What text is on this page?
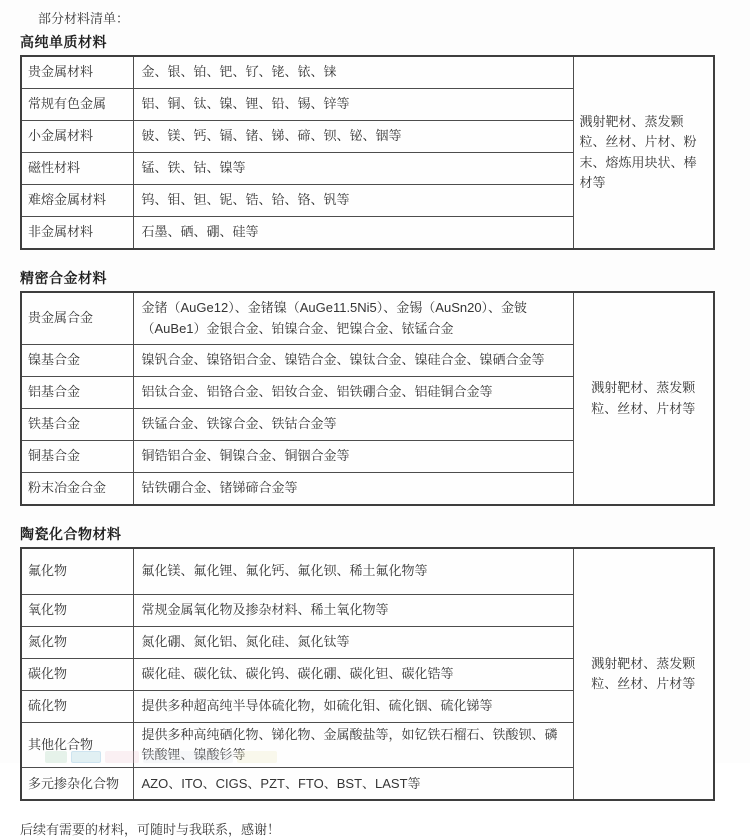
部分材料清单：
高纯单质材料
贵金属材料	金、银、铂、钯、钌、铑、铱、铼	溅射靶材、蒸发颗粒、丝材、片材、粉末、熔炼用块状、棒材等
常规有色金属	铝、铜、钛、镍、锂、铅、锡、锌等	
小金属材料	铍、镁、钙、镉、锗、锑、碲、钡、铋、铟等	
磁性材料	锰、铁、钴、镍等	
难熔金属材料	钨、钼、钽、铌、锆、铪、铬、钒等	
非金属材料	石墨、硒、硼、硅等	
精密合金材料
贵金属合金	金锗（AuGe12）、金锗镍（AuGe11.5Ni5）、金锡（AuSn20）、金铍（AuBe1）金银合金、铂镍合金、钯镍合金、铱锰合金	溅射靶材、蒸发颗粒、丝材、片材等
镍基合金	镍钒合金、镍铬铝合金、镍锆合金、镍钛合金、镍硅合金、镍硒合金等	
铝基合金	铝钛合金、铝铬合金、铝钕合金、铝铁硼合金、铝硅铜合金等	
铁基合金	铁锰合金、铁镓合金、铁钴合金等	
铜基合金	铜锆铝合金、铜镍合金、铜铟合金等	
粉末冶金合金	钴铁硼合金、锗锑碲合金等	
陶瓷化合物材料
氟化物	氟化镁、氟化锂、氟化钙、氟化钡、稀土氟化物等	溅射靶材、蒸发颗粒、丝材、片材等
氧化物	常规金属氧化物及掺杂材料、稀土氧化物等	
氮化物	氮化硼、氮化铝、氮化硅、氮化钛等	
碳化物	碳化硅、碳化钛、碳化钨、碳化硼、碳化钽、碳化锆等	
硫化物	提供多种超高纯半导体硫化物，如硫化钼、硫化铟、硫化锑等	
其他化合物	提供多种高纯硒化物、锑化物、金属酸盐等，如钇铁石榴石、铁酸钡、磷铁酸锂、镍酸钐等	
多元掺杂化合物	AZO、ITO、CIGS、PZT、FTO、BST、LAST等	
后续有需要的材料，可随时与我联系，感谢！
